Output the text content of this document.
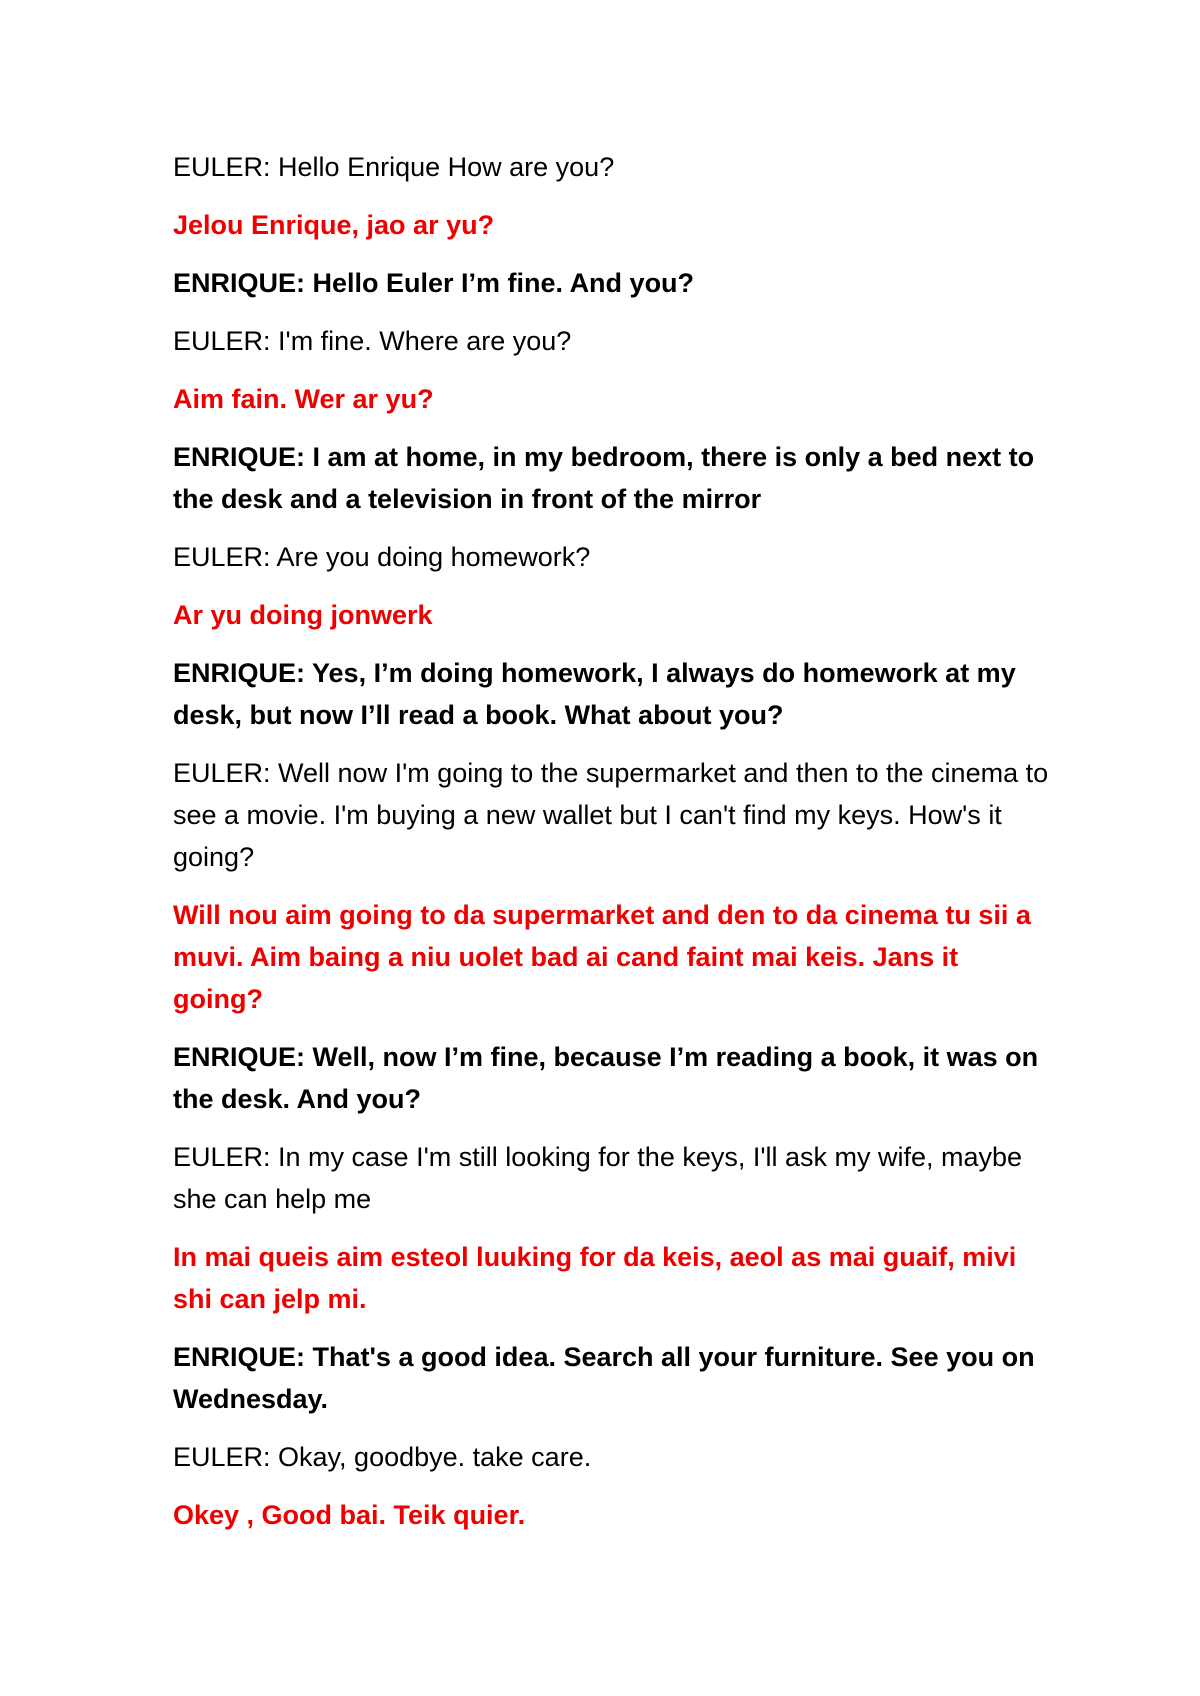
EULER: Hello Enrique How are you?

Jelou Enrique, jao ar yu?

ENRIQUE: Hello Euler I’m fine. And you?

EULER: I'm fine. Where are you?

Aim fain. Wer ar yu?

ENRIQUE: I am at home, in my bedroom, there is only a bed next to the desk and a television in front of the mirror

EULER: Are you doing homework?

Ar yu doing jonwerk

ENRIQUE: Yes, I’m doing homework, I always do homework at my desk, but now I’ll read a book. What about you?

EULER: Well now I'm going to the supermarket and then to the cinema to see a movie. I'm buying a new wallet but I can't find my keys. How's it going?

Will nou aim going to da supermarket and den to da cinema tu sii a muvi. Aim baing a niu uolet bad ai cand faint mai keis. Jans it going?

ENRIQUE: Well, now I’m fine, because I’m reading a book, it was on the desk. And you?

EULER: In my case I'm still looking for the keys, I'll ask my wife, maybe she can help me

In mai queis aim esteol luuking for da keis, aeol as mai guaif, mivi shi can jelp mi.

ENRIQUE: That's a good idea. Search all your furniture. See you on Wednesday.

EULER: Okay, goodbye. take care.

Okey , Good bai. Teik quier.
